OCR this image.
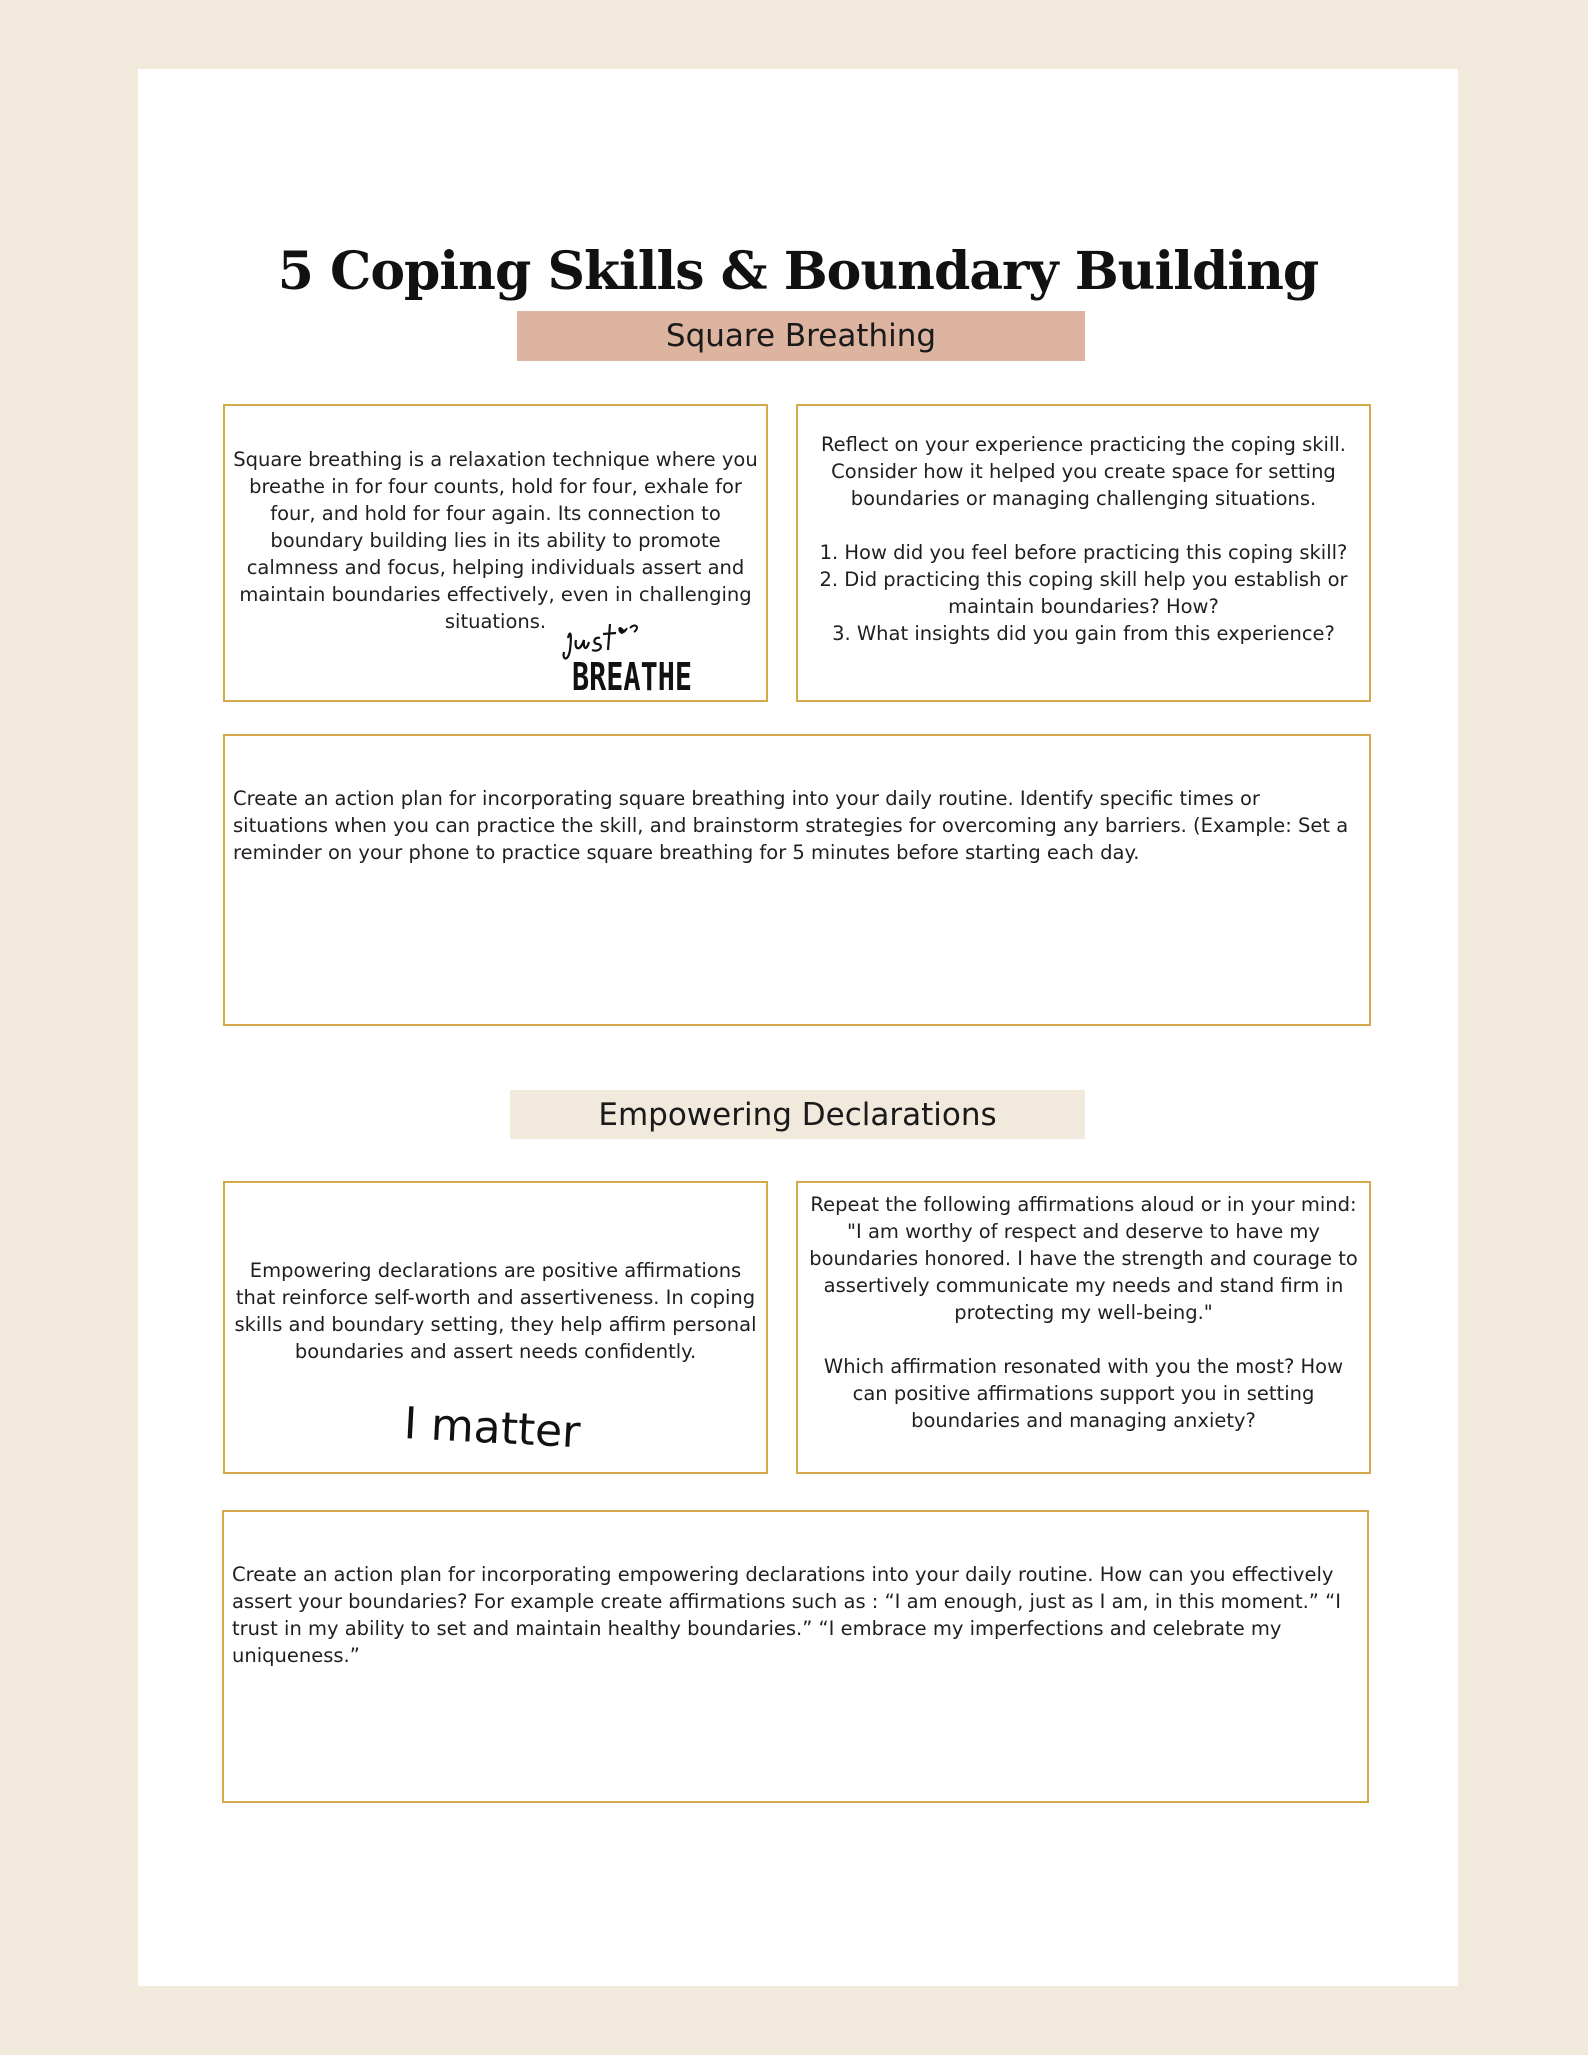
5 Coping Skills & Boundary Building
Square Breathing
Square breathing is a relaxation technique where you breathe in for four counts, hold for four, exhale for four, and hold for four again. Its connection to boundary building lies in its ability to promote calmness and focus, helping individuals assert and maintain boundaries effectively, even in challenging situations.
BREATHE
Reflect on your experience practicing the coping skill. Consider how it helped you create space for setting boundaries or managing challenging situations.
1. How did you feel before practicing this coping skill?
2. Did practicing this coping skill help you establish or maintain boundaries? How?
3. What insights did you gain from this experience?
Create an action plan for incorporating square breathing into your daily routine. Identify specific times or situations when you can practice the skill, and brainstorm strategies for overcoming any barriers. (Example: Set a reminder on your phone to practice square breathing for 5 minutes before starting each day.
Empowering Declarations
Empowering declarations are positive affirmations that reinforce self-worth and assertiveness. In coping skills and boundary setting, they help affirm personal boundaries and assert needs confidently.
I matter
Repeat the following affirmations aloud or in your mind:
"I am worthy of respect and deserve to have my boundaries honored. I have the strength and courage to assertively communicate my needs and stand firm in protecting my well-being."
Which affirmation resonated with you the most? How can positive affirmations support you in setting boundaries and managing anxiety?
Create an action plan for incorporating empowering declarations into your daily routine. How can you effectively assert your boundaries? For example create affirmations such as : “I am enough, just as I am, in this moment.” “I trust in my ability to set and maintain healthy boundaries.” “I embrace my imperfections and celebrate my uniqueness.”
